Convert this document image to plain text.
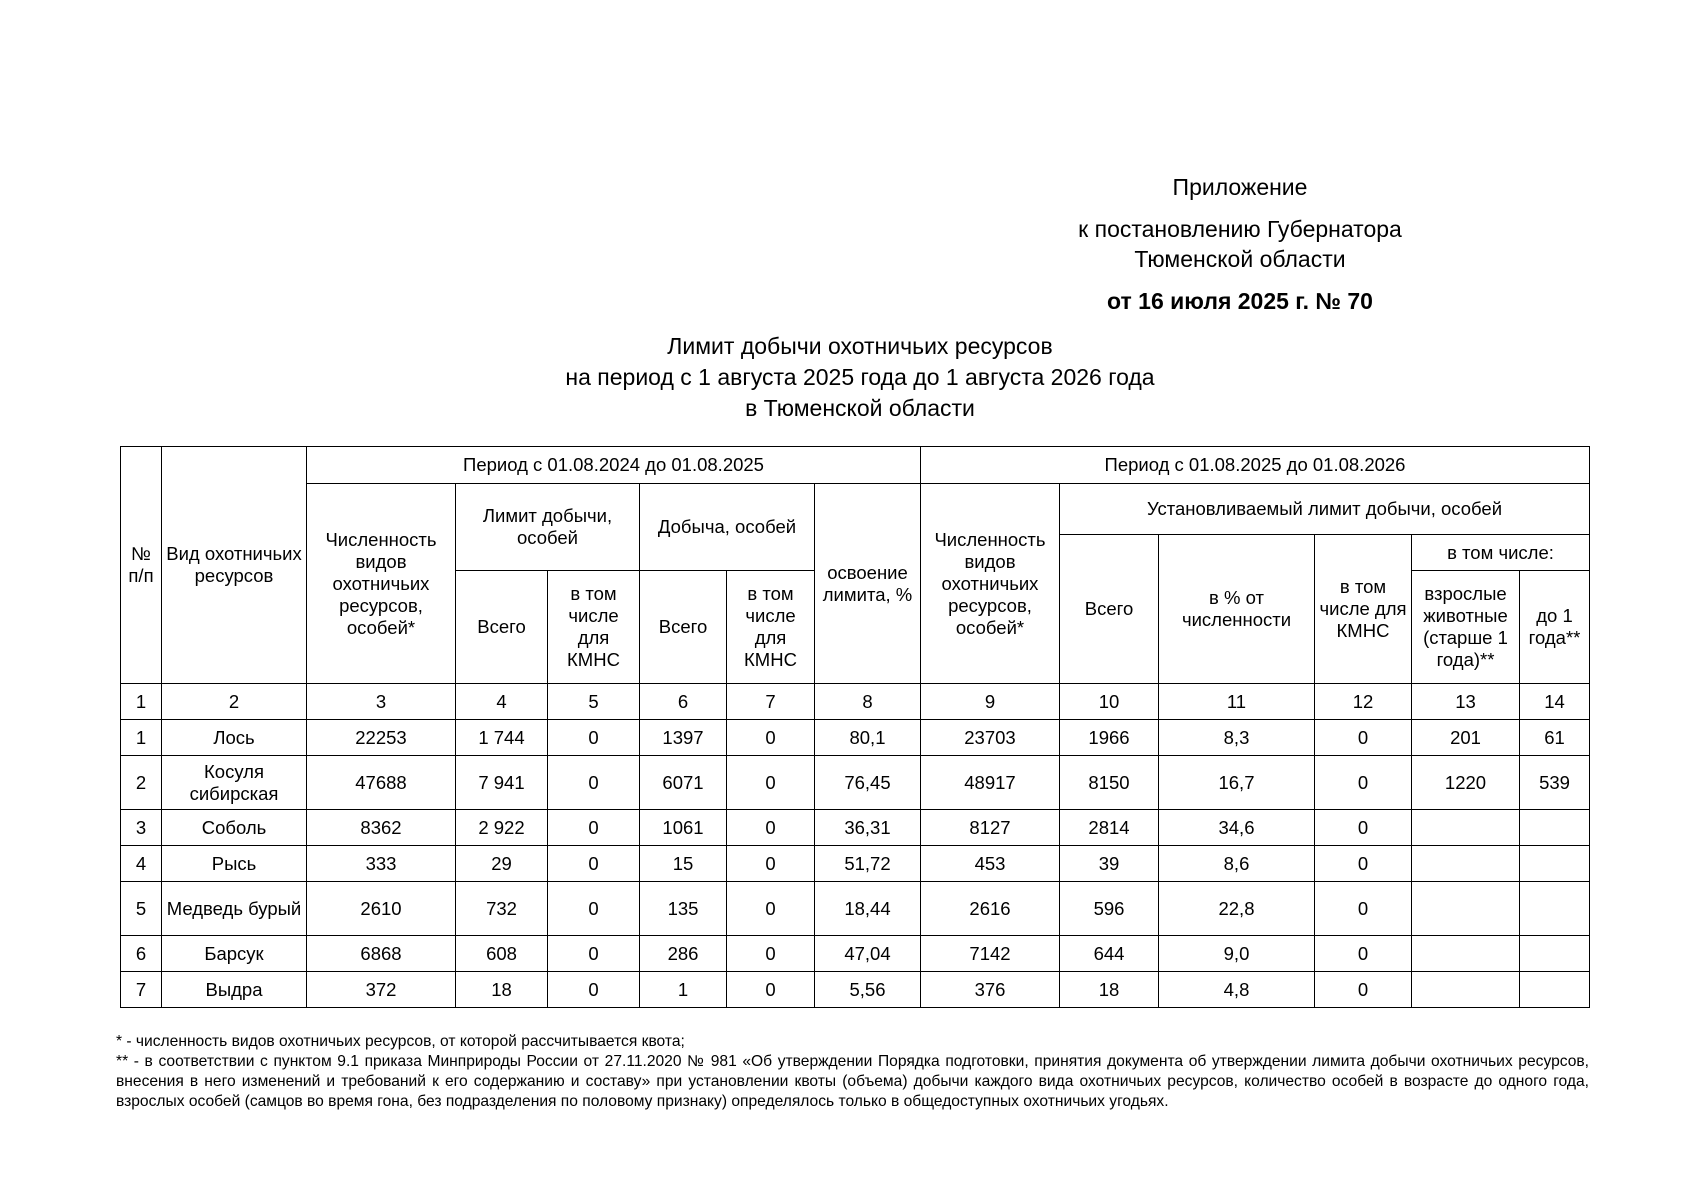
Приложение
к постановлению Губернатора
Тюменской области
от 16 июля 2025 г. № 70
Лимит добычи охотничьих ресурсов
на период с 1 августа 2025 года до 1 августа 2026 года
в Тюменской области
№ п/п	Вид охотничьих ресурсов	Период с 01.08.2024 до 01.08.2025						Период с 01.08.2025 до 01.08.2026					
		Численность видов охотничьих ресурсов, особей*	Лимит добычи, особей		Добыча, особей		освоение лимита, %	Численность видов охотничьих ресурсов, особей*	Установливаемый лимит добычи, особей				
									Всего	в % от численности	в том числе для КМНС	в том числе:	
			Всего	в том числе для КМНС	Всего	в том числе для КМНС						взрослые животные (старше 1 года)**	до 1 года**
1	2	3	4	5	6	7	8	9	10	11	12	13	14
1	Лось	22253	1 744	0	1397	0	80,1	23703	1966	8,3	0	201	61
2	Косуля сибирская	47688	7 941	0	6071	0	76,45	48917	8150	16,7	0	1220	539
3	Соболь	8362	2 922	0	1061	0	36,31	8127	2814	34,6	0		
4	Рысь	333	29	0	15	0	51,72	453	39	8,6	0		
5	Медведь бурый	2610	732	0	135	0	18,44	2616	596	22,8	0		
6	Барсук	6868	608	0	286	0	47,04	7142	644	9,0	0		
7	Выдра	372	18	0	1	0	5,56	376	18	4,8	0		

* - численность видов охотничьих ресурсов, от которой рассчитывается квота;

** - в соответствии с пунктом 9.1 приказа Минприроды России от 27.11.2020 № 981 «Об утверждении Порядка подготовки, принятия документа об утверждении лимита добычи охотничьих ресурсов, внесения в него изменений и требований к его содержанию и составу» при установлении квоты (объема) добычи каждого вида охотничьих ресурсов, количество особей в возрасте до одного года, взрослых особей (самцов во время гона, без подразделения по половому признаку) определялось только в общедоступных охотничьих угодьях.
